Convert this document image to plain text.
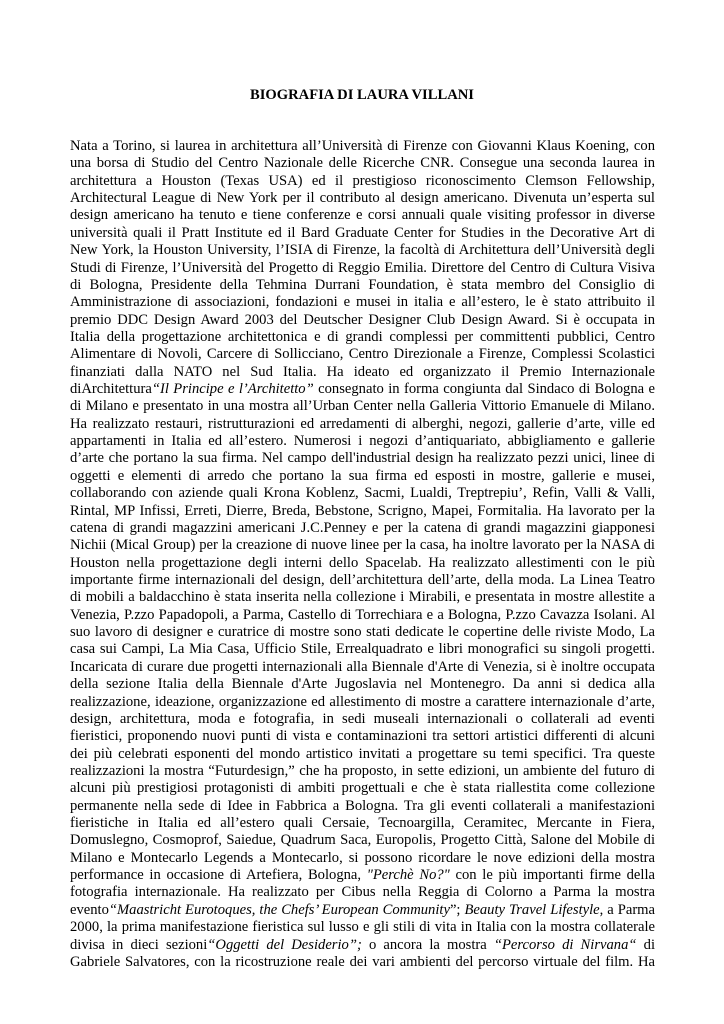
BIOGRAFIA DI LAURA VILLANI
Nata a Torino, si laurea in architettura all’Università di Firenze con Giovanni Klaus Koening, con
una borsa di Studio del Centro Nazionale delle Ricerche CNR. Consegue una seconda laurea in
architettura a Houston (Texas USA) ed il prestigioso riconoscimento Clemson Fellowship,
Architectural League di New York per il contributo al design americano. Divenuta un’esperta sul
design americano ha tenuto e tiene conferenze e corsi annuali quale visiting professor in diverse
università quali il Pratt Institute ed il Bard Graduate Center for Studies in the Decorative Art di
New York, la Houston University, l’ISIA di Firenze, la facoltà di Architettura dell’Università degli
Studi di Firenze, l’Università del Progetto di Reggio Emilia. Direttore del Centro di Cultura Visiva
di Bologna, Presidente della Tehmina Durrani Foundation, è stata membro del Consiglio di
Amministrazione di associazioni, fondazioni e musei in italia e all’estero, le è stato attribuito il
premio DDC Design Award 2003 del Deutscher Designer Club Design Award. Si è occupata in
Italia della progettazione architettonica e di grandi complessi per committenti pubblici, Centro
Alimentare di Novoli, Carcere di Sollicciano, Centro Direzionale a Firenze, Complessi Scolastici
finanziati dalla NATO nel Sud Italia. Ha ideato ed organizzato il Premio Internazionale
diArchitettura“Il Principe e l’Architetto” consegnato in forma congiunta dal Sindaco di Bologna e
di Milano e presentato in una mostra all’Urban Center nella Galleria Vittorio Emanuele di Milano.
Ha realizzato restauri, ristrutturazioni ed arredamenti di alberghi, negozi, gallerie d’arte, ville ed
appartamenti in Italia ed all’estero. Numerosi i negozi d’antiquariato, abbigliamento e gallerie
d’arte che portano la sua firma. Nel campo dell'industrial design ha realizzato pezzi unici, linee di
oggetti e elementi di arredo che portano la sua firma ed esposti in mostre, gallerie e musei,
collaborando con aziende quali Krona Koblenz, Sacmi, Lualdi, Treptrepiu’, Refin, Valli & Valli,
Rintal, MP Infissi, Erreti, Dierre, Breda, Bebstone, Scrigno, Mapei, Formitalia. Ha lavorato per la
catena di grandi magazzini americani J.C.Penney e per la catena di grandi magazzini giapponesi
Nichii (Mical Group) per la creazione di nuove linee per la casa, ha inoltre lavorato per la NASA di
Houston nella progettazione degli interni dello Spacelab. Ha realizzato allestimenti con le più
importante firme internazionali del design, dell’architettura dell’arte, della moda. La Linea Teatro
di mobili a baldacchino è stata inserita nella collezione i Mirabili, e presentata in mostre allestite a
Venezia, P.zzo Papadopoli, a Parma, Castello di Torrechiara e a Bologna, P.zzo Cavazza Isolani. Al
suo lavoro di designer e curatrice di mostre sono stati dedicate le copertine delle riviste Modo, La
casa sui Campi, La Mia Casa, Ufficio Stile, Errealquadrato e libri monografici su singoli progetti.
Incaricata di curare due progetti internazionali alla Biennale d'Arte di Venezia, si è inoltre occupata
della sezione Italia della Biennale d'Arte Jugoslavia nel Montenegro. Da anni si dedica alla
realizzazione, ideazione, organizzazione ed allestimento di mostre a carattere internazionale d’arte,
design, architettura, moda e fotografia, in sedi museali internazionali o collaterali ad eventi
fieristici, proponendo nuovi punti di vista e contaminazioni tra settori artistici differenti di alcuni
dei più celebrati esponenti del mondo artistico invitati a progettare su temi specifici. Tra queste
realizzazioni la mostra “Futurdesign,” che ha proposto, in sette edizioni, un ambiente del futuro di
alcuni più prestigiosi protagonisti di ambiti progettuali e che è stata riallestita come collezione
permanente nella sede di Idee in Fabbrica a Bologna. Tra gli eventi collaterali a manifestazioni
fieristiche in Italia ed all’estero quali Cersaie, Tecnoargilla, Ceramitec, Mercante in Fiera,
Domuslegno, Cosmoprof, Saiedue, Quadrum Saca, Europolis, Progetto Città, Salone del Mobile di
Milano e Montecarlo Legends a Montecarlo, si possono ricordare le nove edizioni della mostra
performance in occasione di Artefiera, Bologna, "Perchè No?" con le più importanti firme della
fotografia internazionale. Ha realizzato per Cibus nella Reggia di Colorno a Parma la mostra
evento“Maastricht Eurotoques, the Chefs’ European Community”; Beauty Travel Lifestyle, a Parma
2000, la prima manifestazione fieristica sul lusso e gli stili di vita in Italia con la mostra collaterale
divisa in dieci sezioni“Oggetti del Desiderio”; o ancora la mostra “Percorso di Nirvana“ di
Gabriele Salvatores, con la ricostruzione reale dei vari ambienti del percorso virtuale del film. Ha
